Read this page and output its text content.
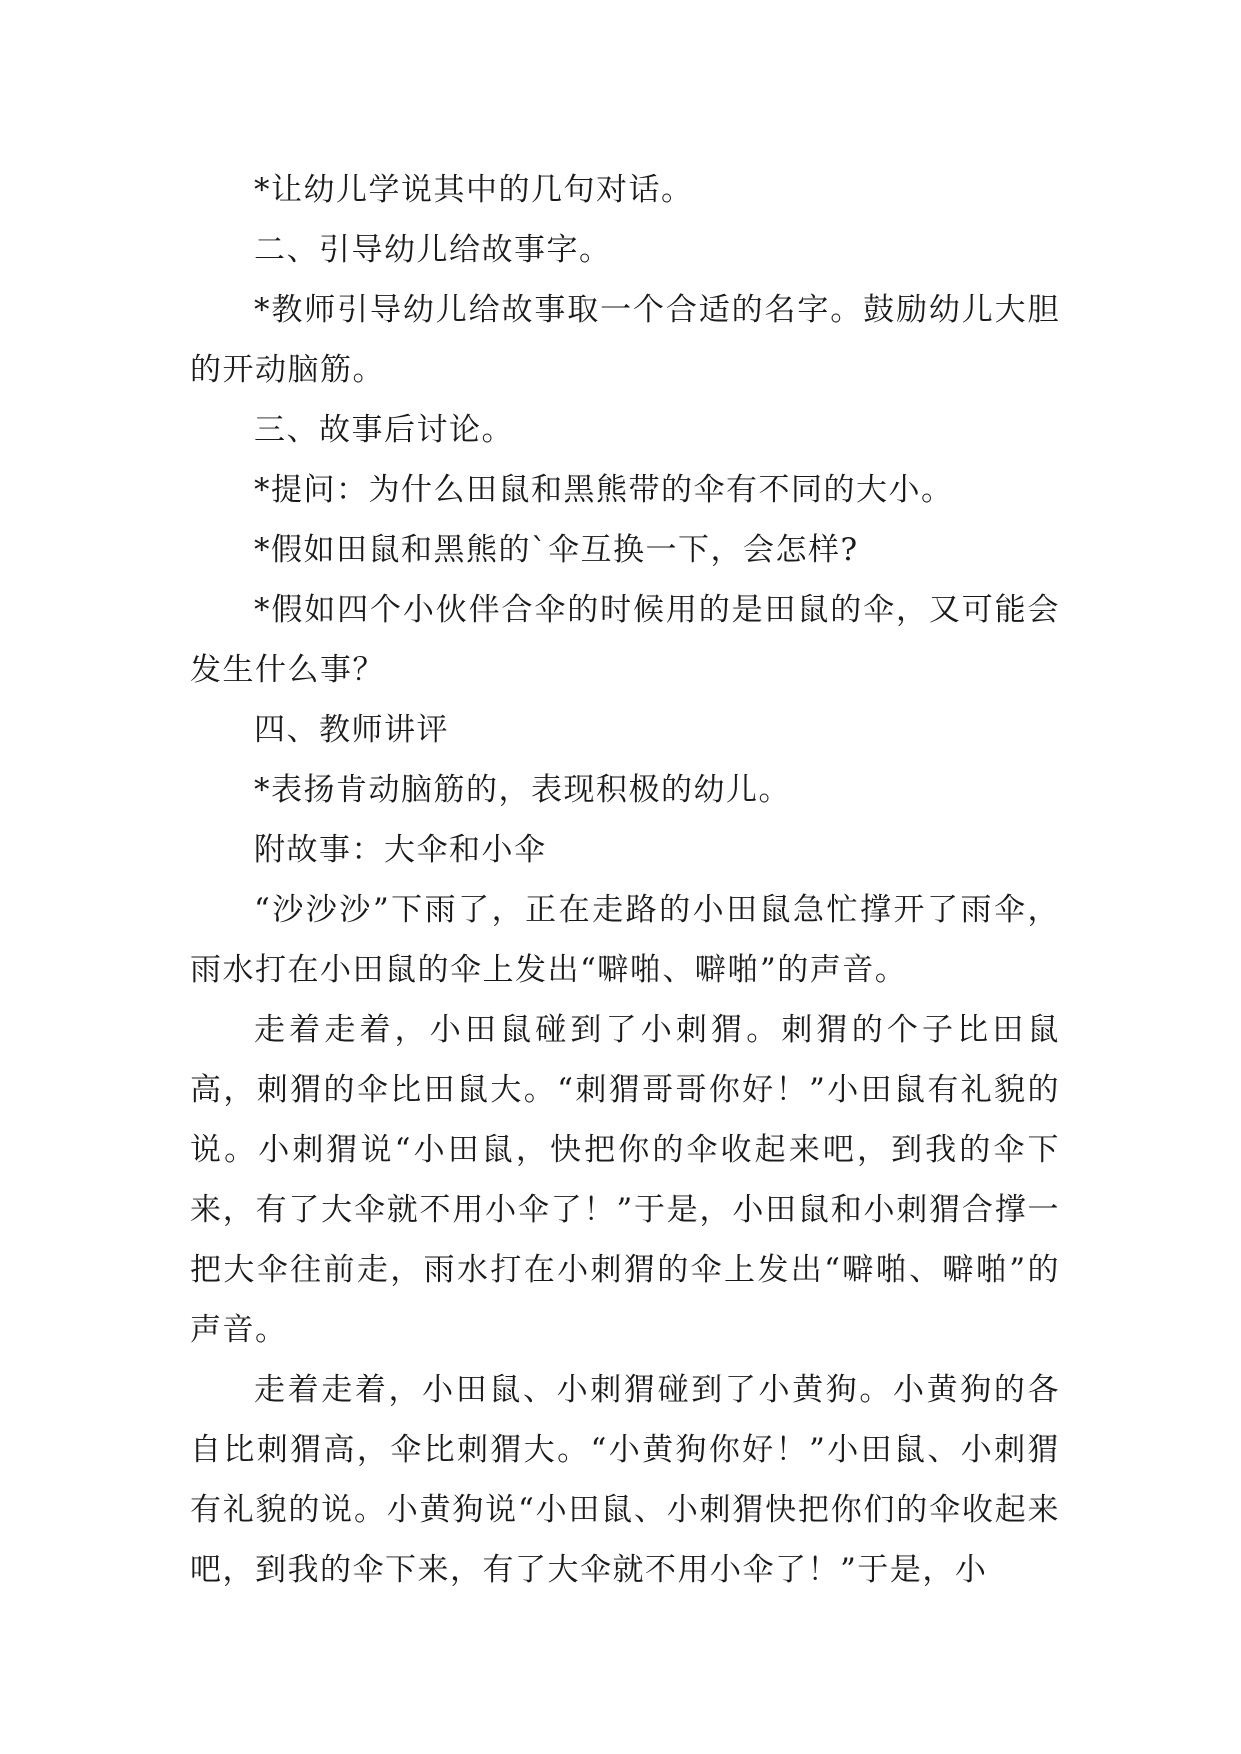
*让幼儿学说其中的几句对话。

二、引导幼儿给故事字。

*教师引导幼儿给故事取一个合适的名字。鼓励幼儿大胆的开动脑筋。

三、故事后讨论。

*提问：为什么田鼠和黑熊带的伞有不同的大小。

*假如田鼠和黑熊的`伞互换一下，会怎样?

*假如四个小伙伴合伞的时候用的是田鼠的伞，又可能会发生什么事？

四、教师讲评

*表扬肯动脑筋的，表现积极的幼儿。

附故事：大伞和小伞

“沙沙沙”下雨了，正在走路的小田鼠急忙撑开了雨伞，雨水打在小田鼠的伞上发出“噼啪、噼啪”的声音。

走着走着，小田鼠碰到了小刺猬。刺猬的个子比田鼠高，刺猬的伞比田鼠大。“刺猬哥哥你好！”小田鼠有礼貌的说。小刺猬说“小田鼠，快把你的伞收起来吧，到我的伞下来，有了大伞就不用小伞了！”于是，小田鼠和小刺猬合撑一把大伞往前走，雨水打在小刺猬的伞上发出“噼啪、噼啪”的声音。

走着走着，小田鼠、小刺猬碰到了小黄狗。小黄狗的各自比刺猬高，伞比刺猬大。“小黄狗你好！”小田鼠、小刺猬有礼貌的说。小黄狗说“小田鼠、小刺猬快把你们的伞收起来吧，到我的伞下来，有了大伞就不用小伞了！”于是，小
